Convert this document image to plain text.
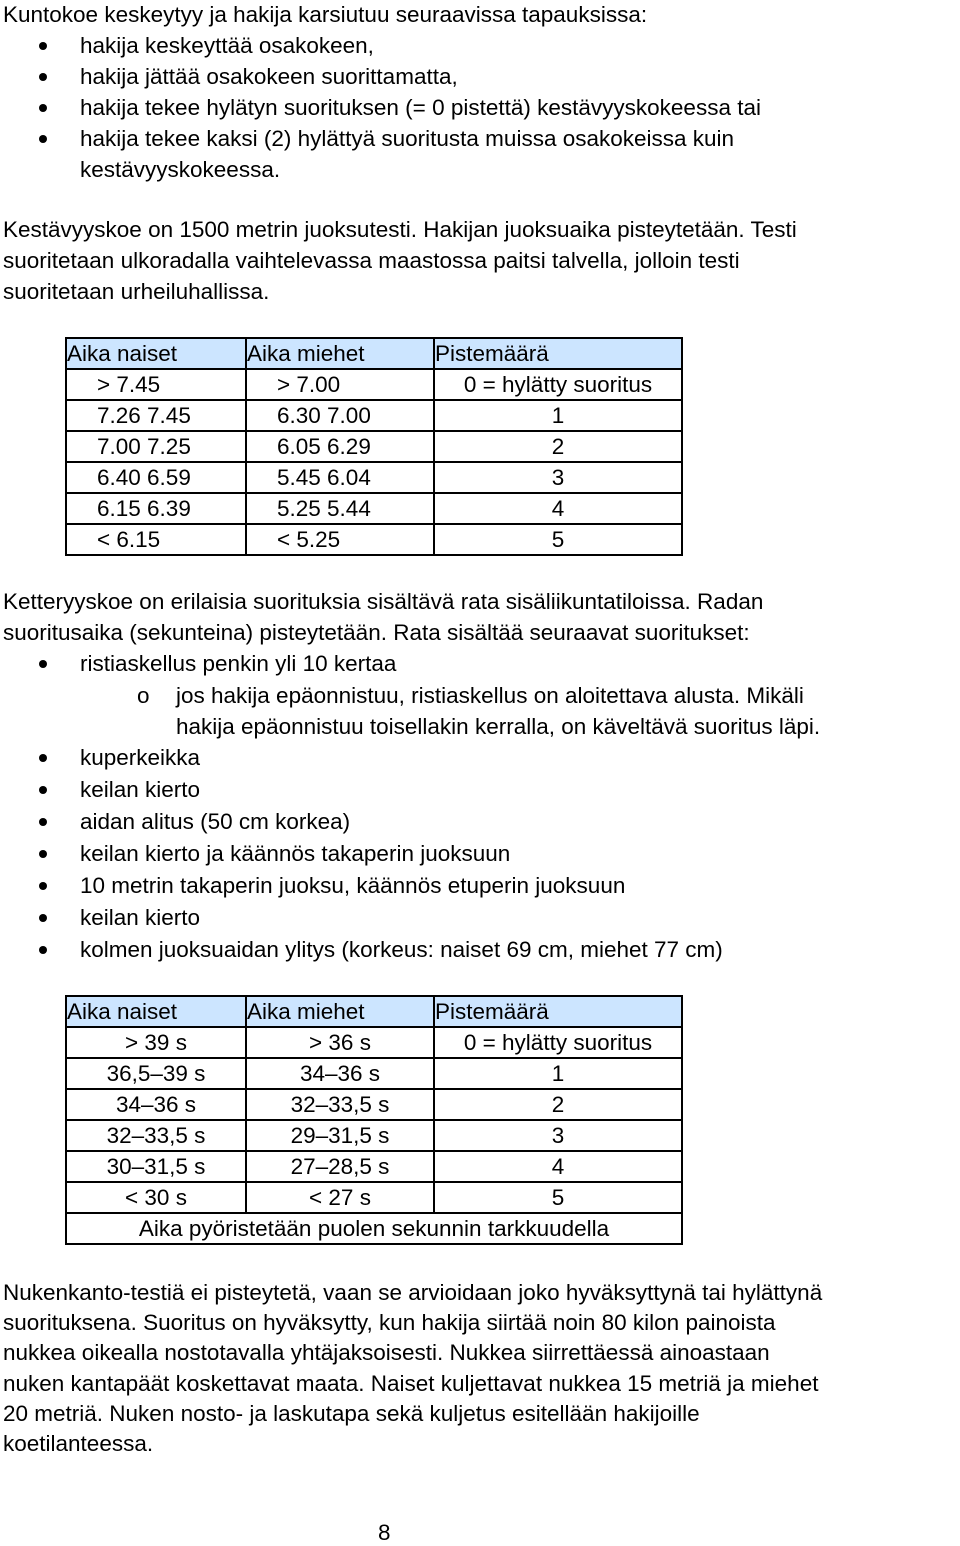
Kuntokoe keskeytyy ja hakija karsiutuu seuraavissa tapauksissa:
hakija keskeyttää osakokeen,
hakija jättää osakokeen suorittamatta,
hakija tekee hylätyn suorituksen (= 0 pistettä) kestävyyskokeessa tai
hakija tekee kaksi (2) hylättyä suoritusta muissa osakokeissa kuin
kestävyyskokeessa.
Kestävyyskoe on 1500 metrin juoksutesti. Hakijan juoksuaika pisteytetään. Testi
suoritetaan ulkoradalla vaihtelevassa maastossa paitsi talvella, jolloin testi
suoritetaan urheiluhallissa.
Aika naiset	Aika miehet	Pistemäärä
> 7.45	> 7.00	0 = hylätty suoritus
7.26 7.45	6.30 7.00	1
7.00 7.25	6.05 6.29	2
6.40 6.59	5.45 6.04	3
6.15 6.39	5.25 5.44	4
< 6.15	< 5.25	5
Ketteryyskoe on erilaisia suorituksia sisältävä rata sisäliikuntatiloissa. Radan
suoritusaika (sekunteina) pisteytetään. Rata sisältää seuraavat suoritukset:
ristiaskellus penkin yli 10 kertaa
o jos hakija epäonnistuu, ristiaskellus on aloitettava alusta. Mikäli
hakija epäonnistuu toisellakin kerralla, on käveltävä suoritus läpi.
kuperkeikka
keilan kierto
aidan alitus (50 cm korkea)
keilan kierto ja käännös takaperin juoksuun
10 metrin takaperin juoksu, käännös etuperin juoksuun
keilan kierto
kolmen juoksuaidan ylitys (korkeus: naiset 69 cm, miehet 77 cm)
Aika naiset	Aika miehet	Pistemäärä
> 39 s	> 36 s	0 = hylätty suoritus
36,5–39 s	34–36 s	1
34–36 s	32–33,5 s	2
32–33,5 s	29–31,5 s	3
30–31,5 s	27–28,5 s	4
< 30 s	< 27 s	5
Aika pyöristetään puolen sekunnin tarkkuudella		
Nukenkanto-testiä ei pisteytetä, vaan se arvioidaan joko hyväksyttynä tai hylättynä
suorituksena. Suoritus on hyväksytty, kun hakija siirtää noin 80 kilon painoista
nukkea oikealla nostotavalla yhtäjaksoisesti. Nukkea siirrettäessä ainoastaan
nuken kantapäät koskettavat maata. Naiset kuljettavat nukkea 15 metriä ja miehet
20 metriä. Nuken nosto- ja laskutapa sekä kuljetus esitellään hakijoille
koetilanteessa.
8
